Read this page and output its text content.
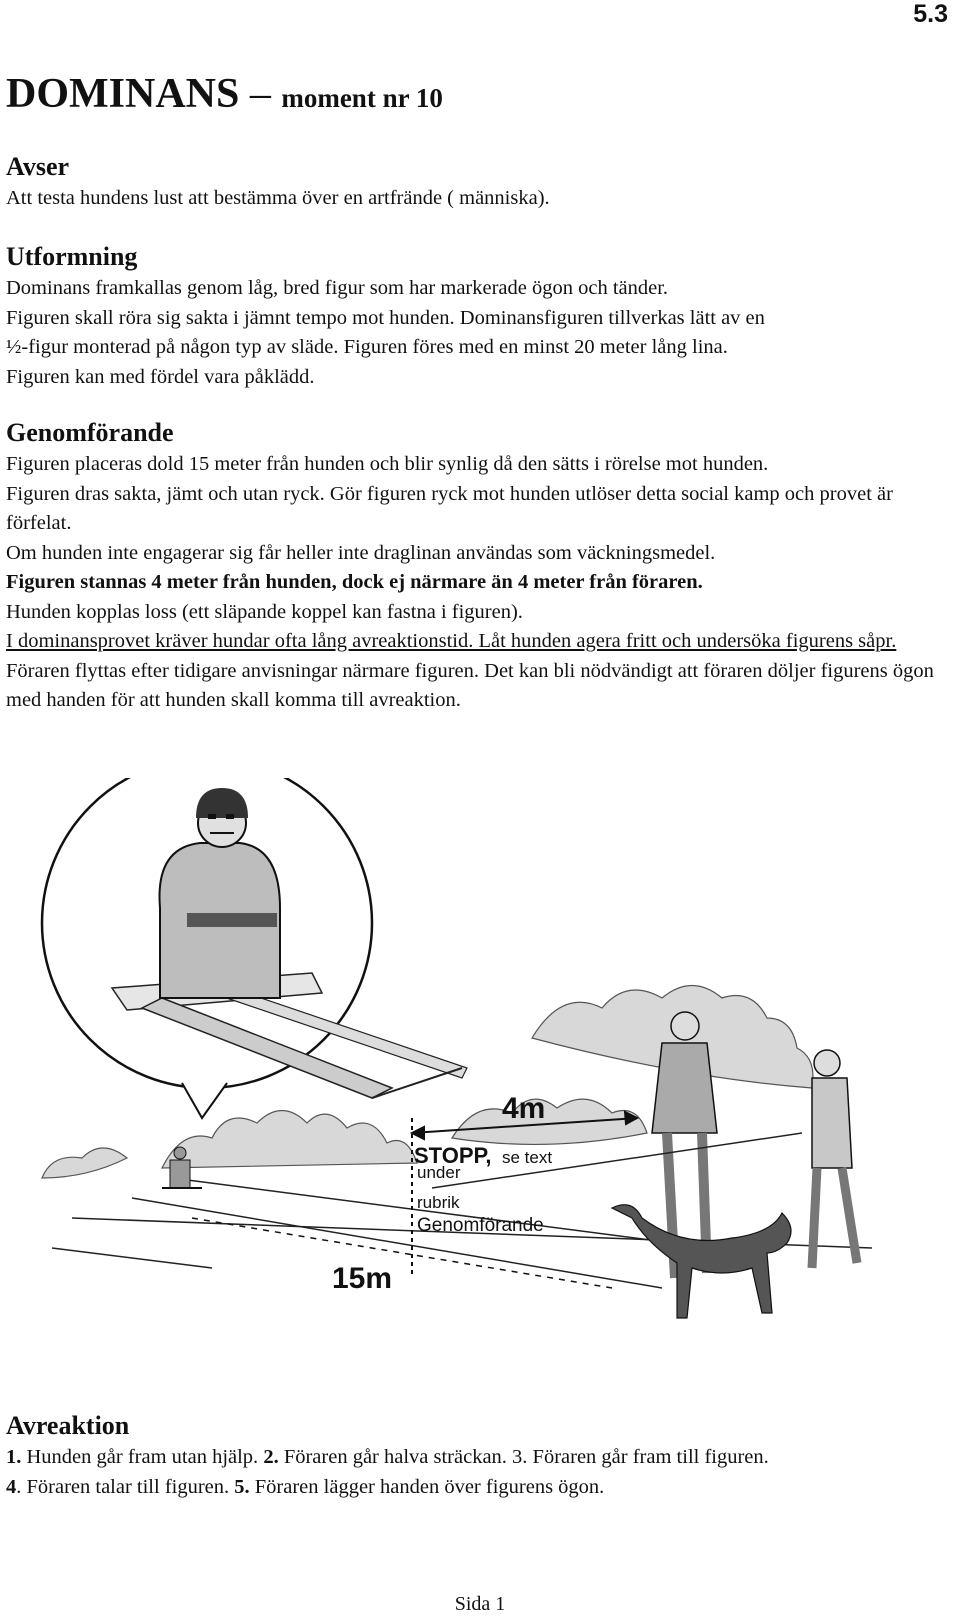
5.3
DOMINANS – moment nr 10
Avser

Att testa hundens lust att bestämma över en artfrände ( människa).

Utformning

Dominans framkallas genom låg, bred figur som har markerade ögon och tänder.

Figuren skall röra sig sakta i jämnt tempo mot hunden. Dominansfiguren tillverkas lätt av en

½-figur monterad på någon typ av släde. Figuren föres med en minst 20 meter lång lina.

Figuren kan med fördel vara påklädd.

Genomförande

Figuren placeras dold 15 meter från hunden och blir synlig då den sätts i rörelse mot hunden.

Figuren dras sakta, jämt och utan ryck. Gör figuren ryck mot hunden utlöser detta social kamp och provet är förfelat.

Om hunden inte engagerar sig får heller inte draglinan användas som väckningsmedel.

Figuren stannas 4 meter från hunden, dock ej närmare än 4 meter från föraren.

Hunden kopplas loss (ett släpande koppel kan fastna i figuren).

I dominansprovet kräver hundar ofta lång avreaktionstid. Låt hunden agera fritt och undersöka figurens såpr.

Föraren flyttas efter tidigare anvisningar närmare figuren. Det kan bli nödvändigt att föraren döljer figurens ögon med handen för att hunden skall komma till avreaktion.

4m
15m
STOPP, se text
under
rubrik
Genomförande
Avreaktion

1. Hunden går fram utan hjälp. 2. Föraren går halva sträckan. 3. Föraren går fram till figuren.

4. Föraren talar till figuren. 5. Föraren lägger handen över figurens ögon.

Sida 1
